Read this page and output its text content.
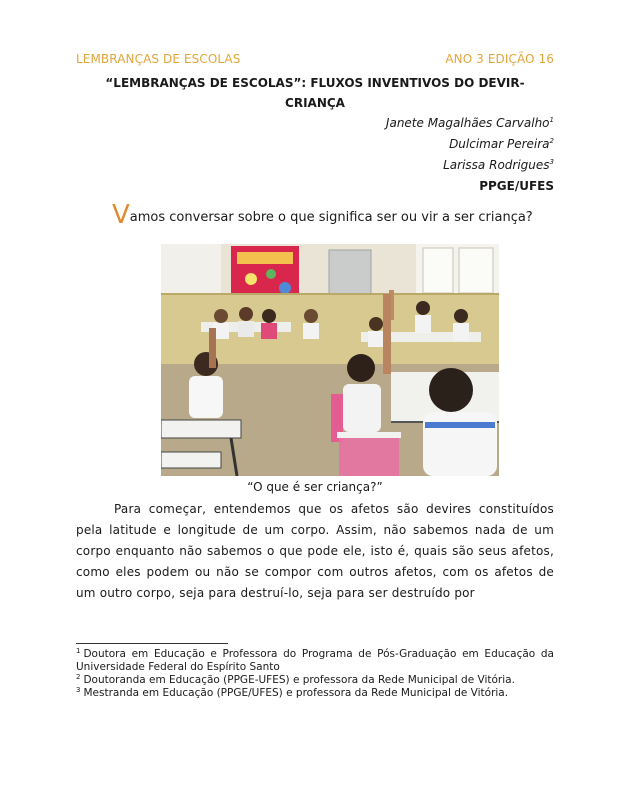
LEMBRANÇAS DE ESCOLAS	ANO 3 EDIÇÃO 16
“LEMBRANÇAS DE ESCOLAS”: FLUXOS INVENTIVOS DO DEVIR-CRIANÇA
Janete Magalhães Carvalho$^1$
Dulcimar Pereira$^2$
Larissa Rodrigues$^3$
PPGE/UFES
Vamos conversar sobre o que significa ser ou vir a ser criança?
“O que é ser criança?”

Para começar, entendemos que os afetos são devires constituídos pela latitude e longitude de um corpo. Assim, não sabemos nada de um corpo enquanto não sabemos o que pode ele, isto é, quais são seus afetos, como eles podem ou não se compor com outros afetos, com os afetos de um outro corpo, seja para destruí-lo, seja para ser destruído por

$^1$ Doutora em Educação e Professora do Programa de Pós-Graduação em Educação da Universidade Federal do Espírito Santo
$^2$ Doutoranda em Educação (PPGE-UFES) e professora da Rede Municipal de Vitória.
$^3$ Mestranda em Educação (PPGE/UFES) e professora da Rede Municipal de Vitória.
